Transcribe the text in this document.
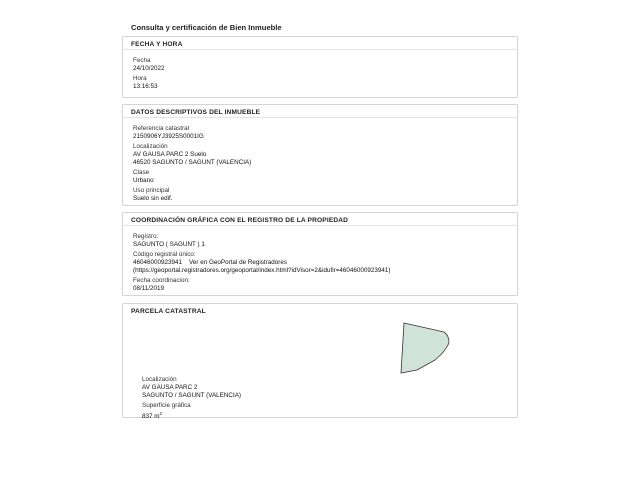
Consulta y certificación de Bien Inmueble
FECHA Y HORA
Fecha
24/10/2022
Hora
13:16:53
DATOS DESCRIPTIVOS DEL INMUEBLE
Referencia catastral
2150906YJ3925S0001IG
Localización
AV GAUSA PARC 2 Suelo
46520 SAGUNTO / SAGUNT (VALENCIA)
Clase
Urbano
Uso principal
Suelo sin edif.
COORDINACIÓN GRÁFICA CON EL REGISTRO DE LA PROPIEDAD
Registro:
SAGUNTO ( SAGUNT ) 1
Código registral único:
46046000923941    Ver en GeoPortal de Registradores
(https://geoportal.registradores.org/geoportal/index.html?idVisor=2&idufir=46046000923941)
Fecha coordinacion:
08/11/2019
PARCELA CATASTRAL
Localización
AV GAUSA PARC 2
SAGUNTO / SAGUNT (VALENCIA)
Superficie gráfica
837 $m^2$
